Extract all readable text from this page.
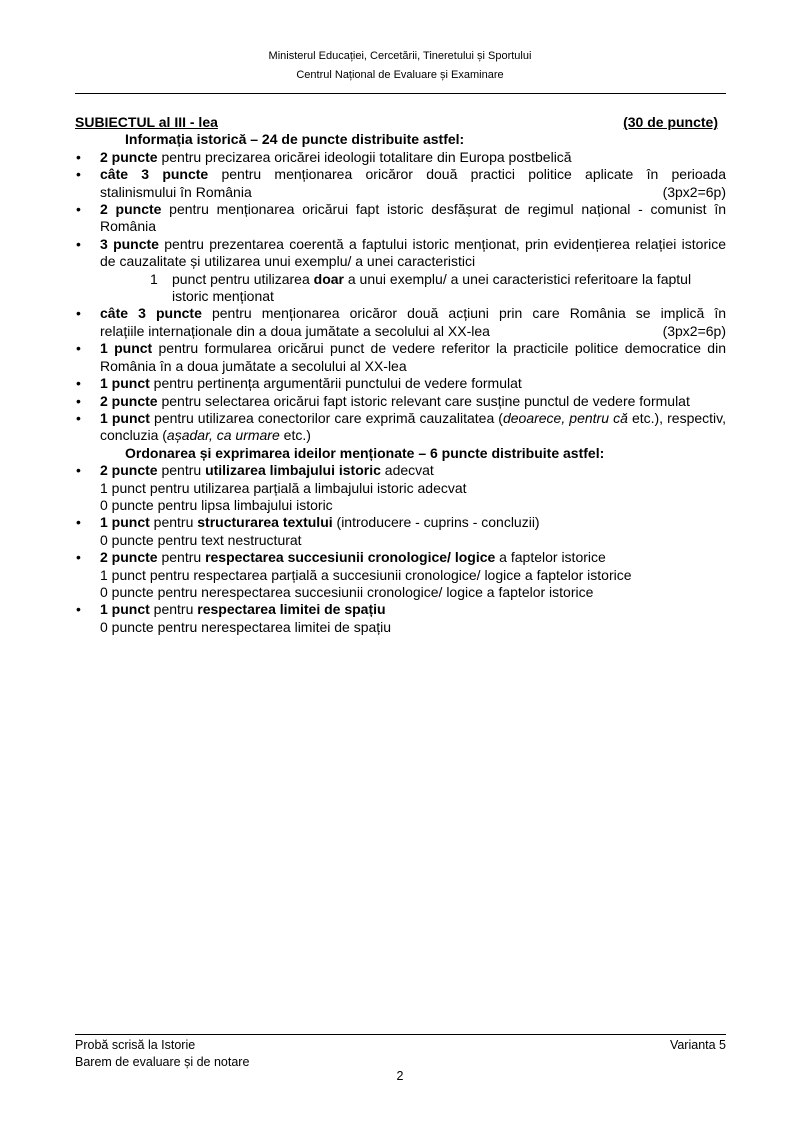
Ministerul Educației, Cercetării, Tineretului și Sportului
Centrul Național de Evaluare și Examinare
SUBIECTUL al III - lea	(30 de puncte)
Informația istorică – 24 de puncte distribuite astfel:
• 2 puncte pentru precizarea oricărei ideologii totalitare din Europa postbelică
• câte 3 puncte pentru menționarea oricăror două practici politice aplicate în perioada
stalinismului în România	(3px2=6p)
• 2 puncte pentru menționarea oricărui fapt istoric desfășurat de regimul național - comunist în România
• 3 puncte pentru prezentarea coerentă a faptului istoric menționat, prin evidențierea relației istorice de cauzalitate și utilizarea unui exemplu/ a unei caracteristici
1 punct pentru utilizarea doar a unui exemplu/ a unei caracteristici referitoare la faptul istoric menționat
• câte 3 puncte pentru menționarea oricăror două acțiuni prin care România se implică în
relațiile internaționale din a doua jumătate a secolului al XX-lea	(3px2=6p)
• 1 punct pentru formularea oricărui punct de vedere referitor la practicile politice democratice din România în a doua jumătate a secolului al XX-lea
• 1 punct pentru pertinența argumentării punctului de vedere formulat
• 2 puncte pentru selectarea oricărui fapt istoric relevant care susține punctul de vedere formulat
• 1 punct pentru utilizarea conectorilor care exprimă cauzalitatea (deoarece, pentru că etc.), respectiv, concluzia (așadar, ca urmare etc.)
Ordonarea și exprimarea ideilor menționate – 6 puncte distribuite astfel:
• 2 puncte pentru utilizarea limbajului istoric adecvat
1 punct pentru utilizarea parțială a limbajului istoric adecvat
0 puncte pentru lipsa limbajului istoric
• 1 punct pentru structurarea textului (introducere - cuprins - concluzii)
0 puncte pentru text nestructurat
• 2 puncte pentru respectarea succesiunii cronologice/ logice a faptelor istorice
1 punct pentru respectarea parțială a succesiunii cronologice/ logice a faptelor istorice
0 puncte pentru nerespectarea succesiunii cronologice/ logice a faptelor istorice
• 1 punct pentru respectarea limitei de spațiu
0 puncte pentru nerespectarea limitei de spațiu
Probă scrisă la Istorie	Varianta 5
Barem de evaluare și de notare
2
